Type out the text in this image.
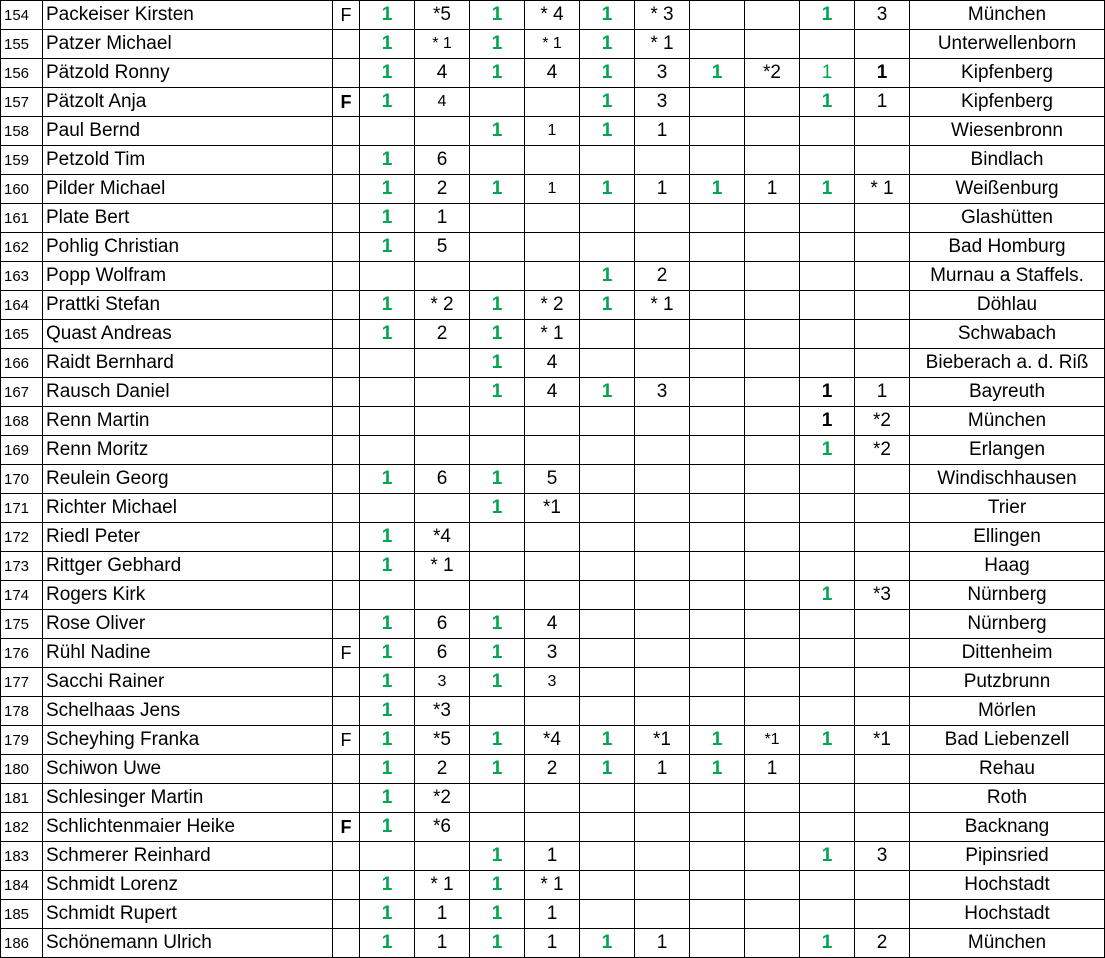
154	Packeiser Kirsten	F	1	*5	1	* 4	1	* 3			1	3	München
155	Patzer Michael		1	* 1	1	* 1	1	* 1					Unterwellenborn
156	Pätzold Ronny		1	4	1	4	1	3	1	*2	1	1	Kipfenberg
157	Pätzolt Anja	F	1	4			1	3			1	1	Kipfenberg
158	Paul Bernd				1	1	1	1					Wiesenbronn
159	Petzold Tim		1	6									Bindlach
160	Pilder Michael		1	2	1	1	1	1	1	1	1	* 1	Weißenburg
161	Plate Bert		1	1									Glashütten
162	Pohlig Christian		1	5									Bad Homburg
163	Popp Wolfram						1	2					Murnau a Staffels.
164	Prattki Stefan		1	* 2	1	* 2	1	* 1					Döhlau
165	Quast Andreas		1	2	1	* 1							Schwabach
166	Raidt Bernhard				1	4							Bieberach a. d. Riß
167	Rausch Daniel				1	4	1	3			1	1	Bayreuth
168	Renn Martin										1	*2	München
169	Renn Moritz										1	*2	Erlangen
170	Reulein Georg		1	6	1	5							Windischhausen
171	Richter Michael				1	*1							Trier
172	Riedl Peter		1	*4									Ellingen
173	Rittger Gebhard		1	* 1									Haag
174	Rogers Kirk										1	*3	Nürnberg
175	Rose Oliver		1	6	1	4							Nürnberg
176	Rühl Nadine	F	1	6	1	3							Dittenheim
177	Sacchi Rainer		1	3	1	3							Putzbrunn
178	Schelhaas Jens		1	*3									Mörlen
179	Scheyhing Franka	F	1	*5	1	*4	1	*1	1	*1	1	*1	Bad Liebenzell
180	Schiwon Uwe		1	2	1	2	1	1	1	1			Rehau
181	Schlesinger Martin		1	*2									Roth
182	Schlichtenmaier Heike	F	1	*6									Backnang
183	Schmerer Reinhard				1	1					1	3	Pipinsried
184	Schmidt Lorenz		1	* 1	1	* 1							Hochstadt
185	Schmidt Rupert		1	1	1	1							Hochstadt
186	Schönemann Ulrich		1	1	1	1	1	1			1	2	München
